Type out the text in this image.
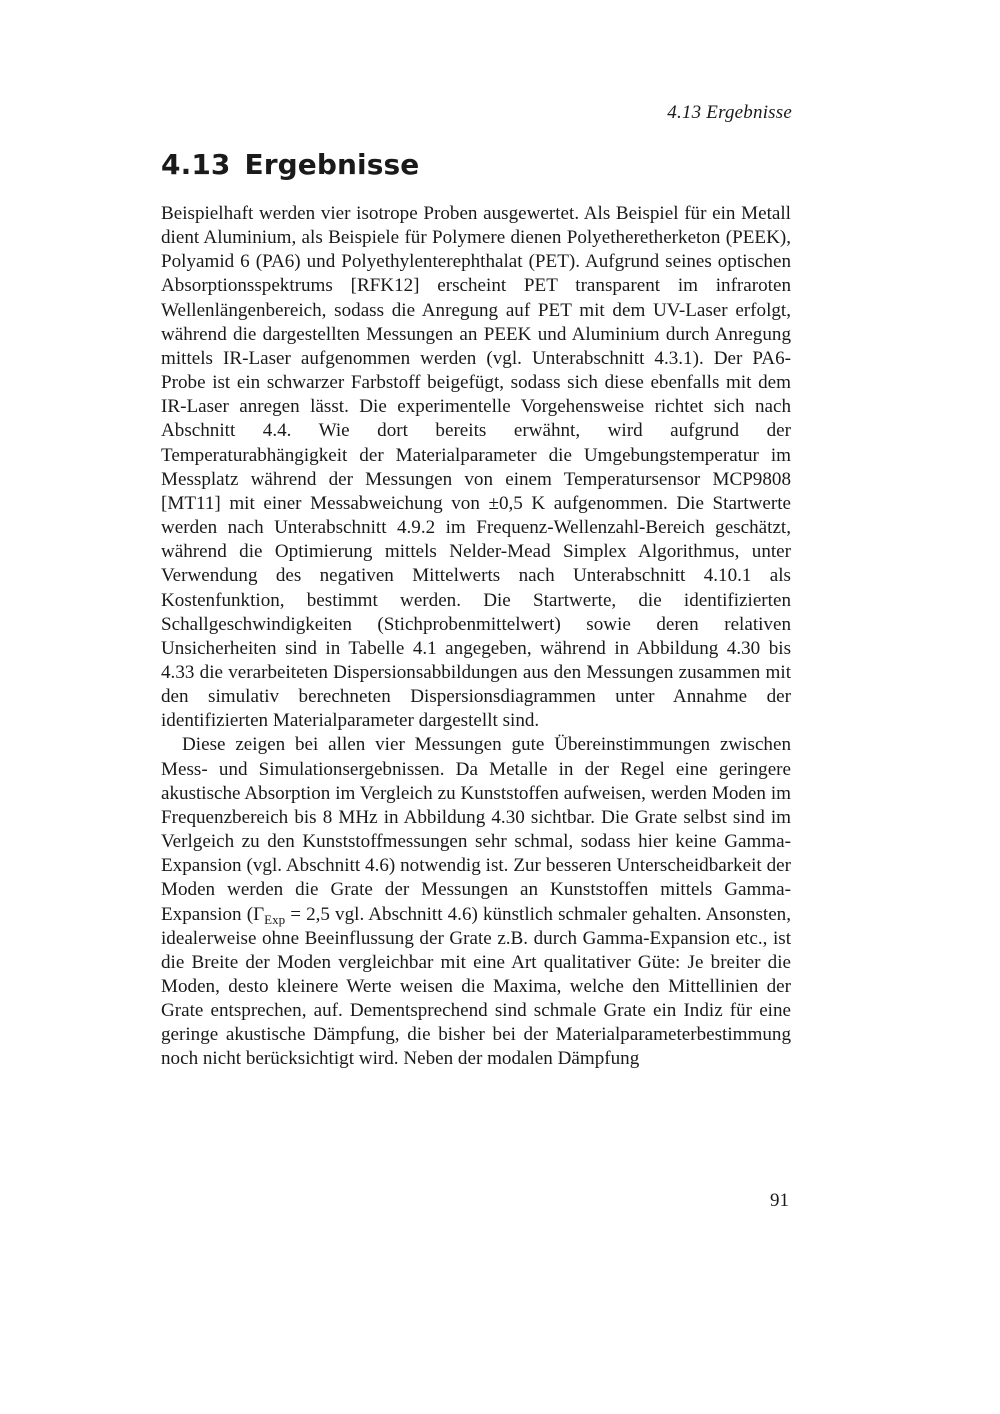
4.13 Ergebnisse
4.13 Ergebnisse

Beispielhaft werden vier isotrope Proben ausgewertet. Als Beispiel für ein Metall dient Aluminium, als Beispiele für Polymere dienen Polyetheretherketon (PEEK), Polyamid 6 (PA6) und Polyethylenterephthalat (PET). Aufgrund seines optischen Absorptionsspektrums [RFK12] erscheint PET transparent im infraroten Wellenlängenbereich, sodass die Anregung auf PET mit dem UV-Laser erfolgt, während die dargestellten Messungen an PEEK und Aluminium durch Anregung mittels IR-Laser aufgenommen werden (vgl. Unterabschnitt 4.3.1). Der PA6-Probe ist ein schwarzer Farbstoff beigefügt, sodass sich diese ebenfalls mit dem IR-Laser anregen lässt. Die experimentelle Vorgehensweise richtet sich nach Abschnitt 4.4. Wie dort bereits erwähnt, wird aufgrund der Temperaturabhängigkeit der Materialparameter die Umgebungstemperatur im Messplatz während der Messungen von einem Temperatursensor MCP9808 [MT11] mit einer Messabweichung von ±0,5 K aufgenommen. Die Startwerte werden nach Unterabschnitt 4.9.2 im Frequenz-Wellenzahl-Bereich geschätzt, während die Optimierung mittels Nelder-Mead Simplex Algorithmus, unter Verwendung des negativen Mittelwerts nach Unterabschnitt 4.10.1 als Kostenfunktion, bestimmt werden. Die Startwerte, die identifizierten Schallgeschwindigkeiten (Stichprobenmittelwert) sowie deren relativen Unsicherheiten sind in Tabelle 4.1 angegeben, während in Abbildung 4.30 bis 4.33 die verarbeiteten Dispersionsabbildungen aus den Messungen zusammen mit den simulativ berechneten Dispersionsdiagrammen unter Annahme der identifizierten Materialparameter dargestellt sind.

Diese zeigen bei allen vier Messungen gute Übereinstimmungen zwischen Mess- und Simulationsergebnissen. Da Metalle in der Regel eine geringere akustische Absorption im Vergleich zu Kunststoffen aufweisen, werden Moden im Frequenzbereich bis 8 MHz in Abbildung 4.30 sichtbar. Die Grate selbst sind im Verlgeich zu den Kunststoffmessungen sehr schmal, sodass hier keine Gamma-Expansion (vgl. Abschnitt 4.6) notwendig ist. Zur besseren Unterscheidbarkeit der Moden werden die Grate der Messungen an Kunststoffen mittels Gamma-Expansion ($\Gamma_{Exp} = 2,5$ vgl. Abschnitt 4.6) künstlich schmaler gehalten. Ansonsten, idealerweise ohne Beeinflussung der Grate z.B. durch Gamma-Expansion etc., ist die Breite der Moden vergleichbar mit eine Art qualitativer Güte: Je breiter die Moden, desto kleinere Werte weisen die Maxima, welche den Mittellinien der Grate entsprechen, auf. Dementsprechend sind schmale Grate ein Indiz für eine geringe akustische Dämpfung, die bisher bei der Materialparameterbestimmung noch nicht berücksichtigt wird. Neben der modalen Dämpfung

91
